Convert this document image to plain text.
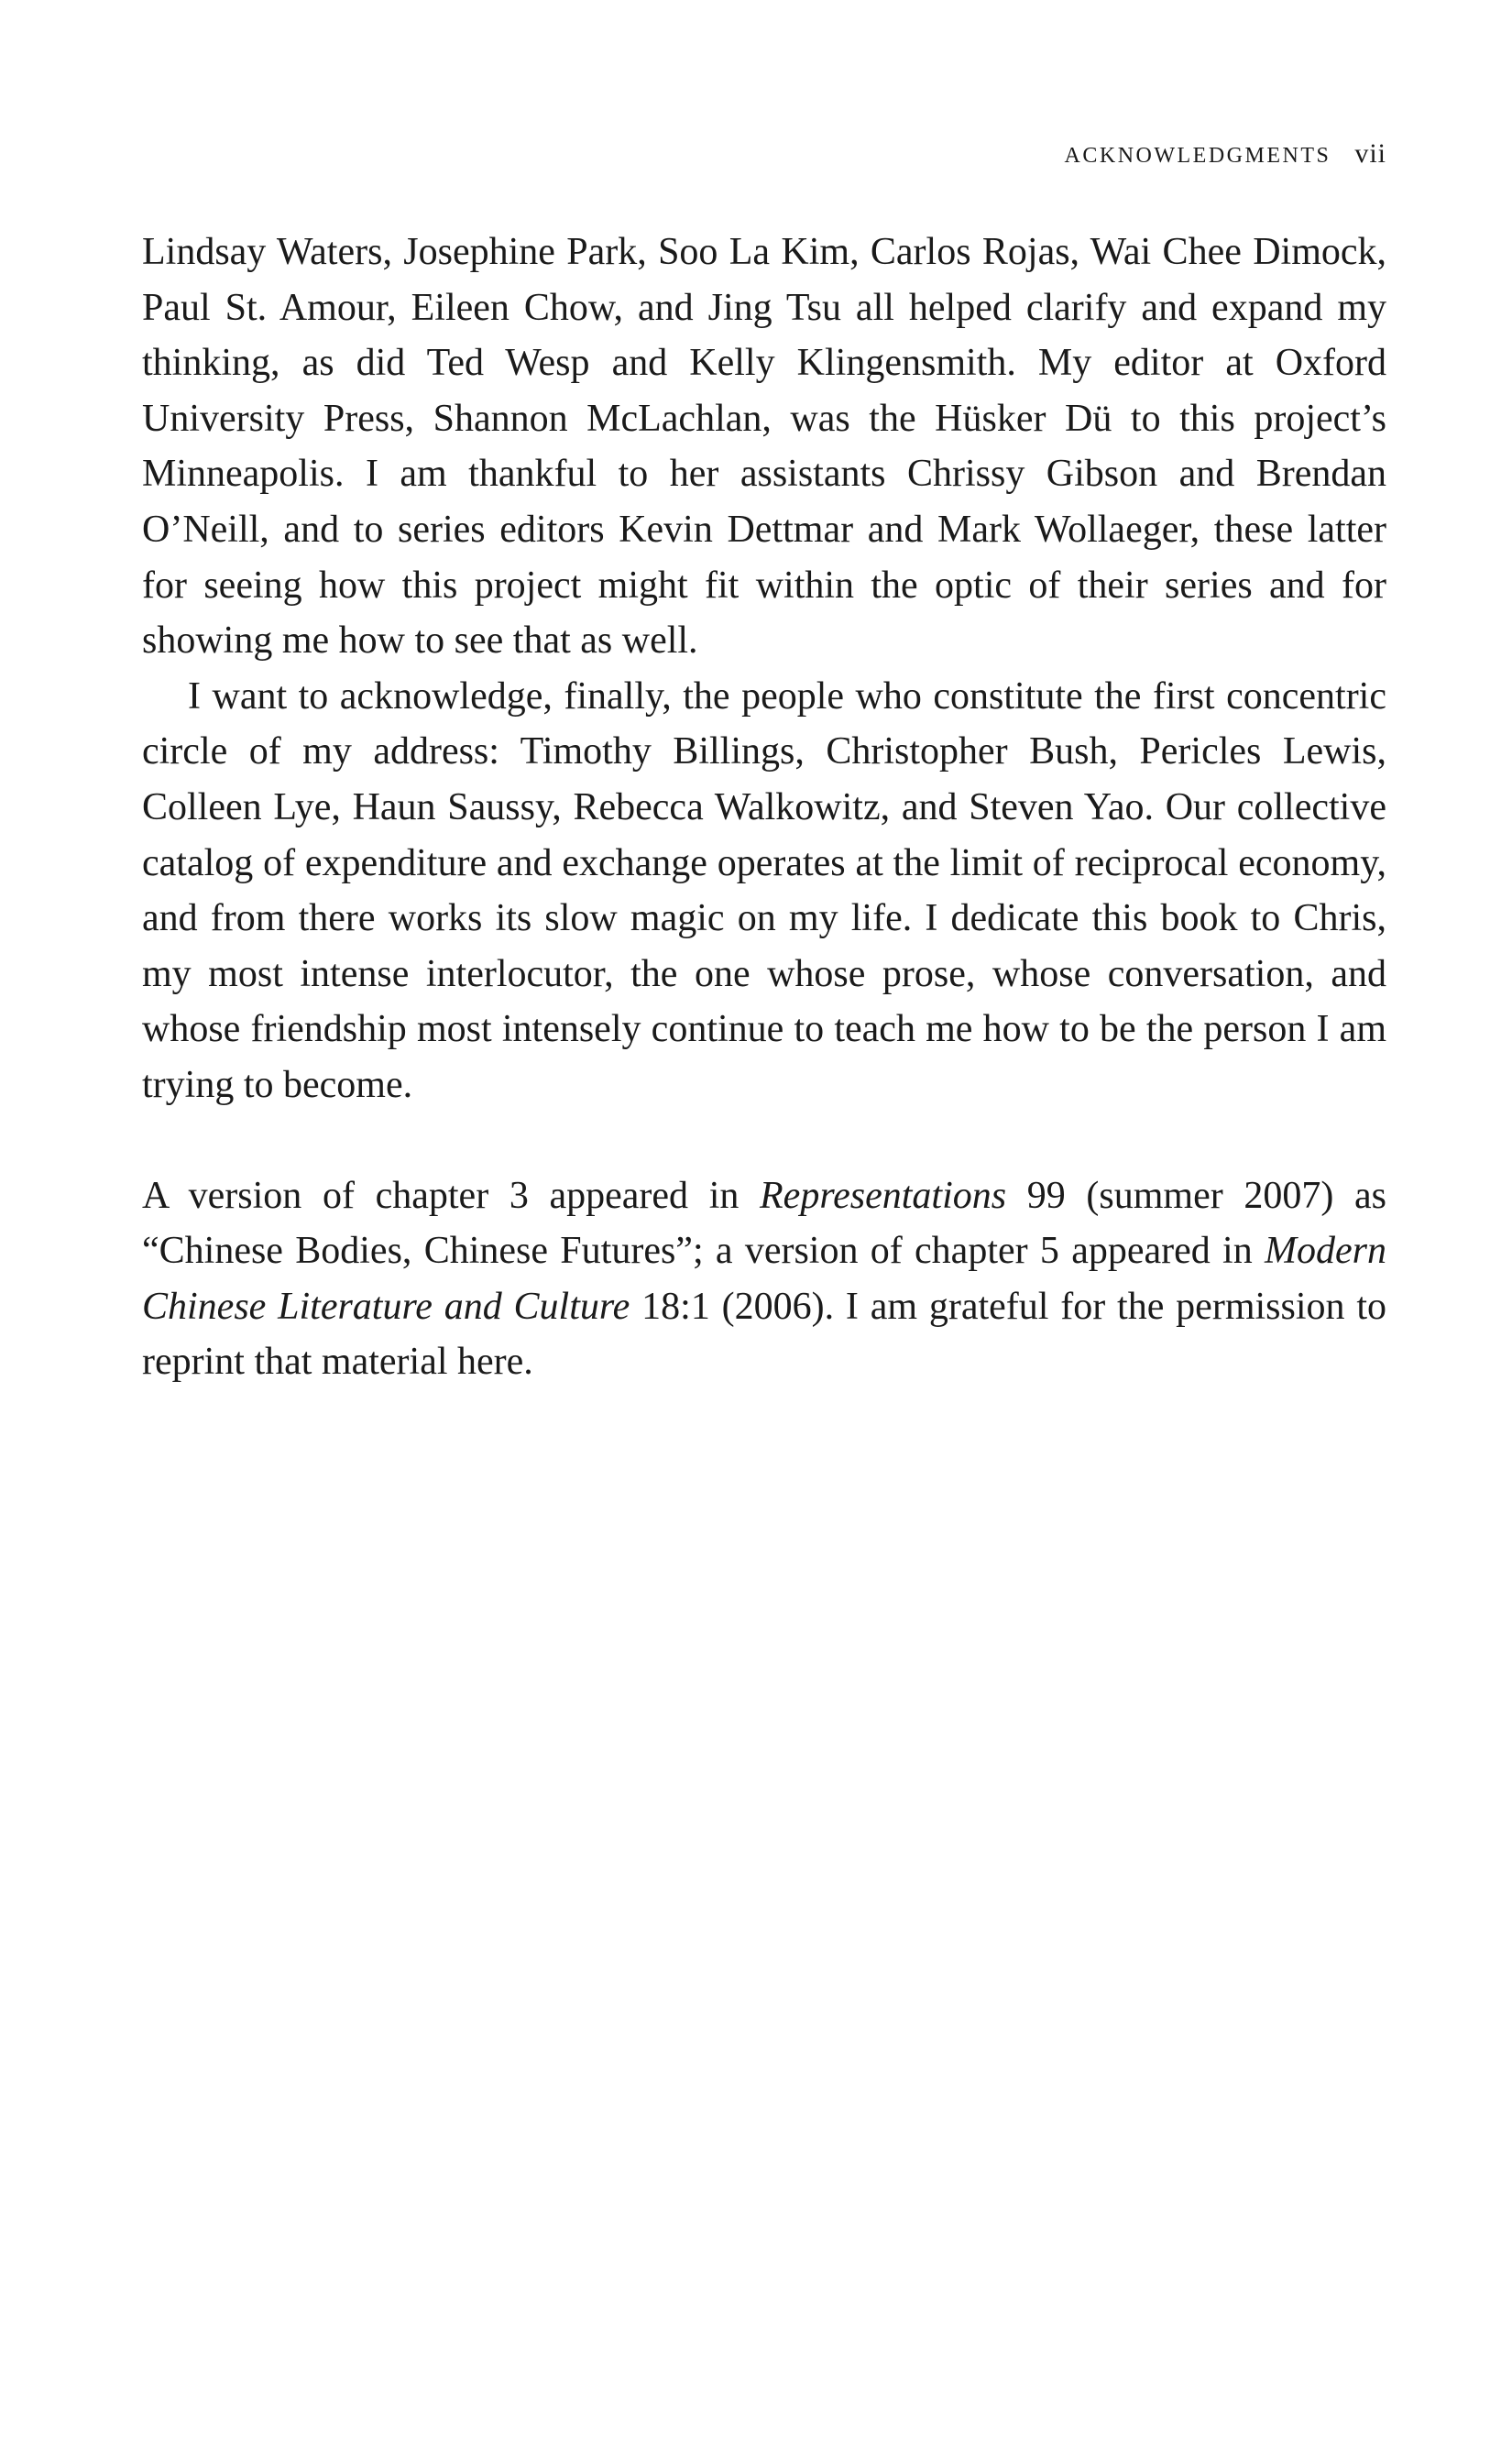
ACKNOWLEDGMENTS vii

Lindsay Waters, Josephine Park, Soo La Kim, Carlos Rojas, Wai Chee Dimock, Paul St. Amour, Eileen Chow, and Jing Tsu all helped clarify and expand my thinking, as did Ted Wesp and Kelly Klingensmith. My editor at Oxford University Press, Shannon McLachlan, was the Hüsker Dü to this project’s Minneapolis. I am thankful to her assistants Chrissy Gibson and Brendan O’Neill, and to series editors Kevin Dettmar and Mark Wollaeger, these latter for seeing how this project might fit within the optic of their series and for showing me how to see that as well.

I want to acknowledge, finally, the people who constitute the first concentric circle of my address: Timothy Billings, Christopher Bush, Pericles Lewis, Colleen Lye, Haun Saussy, Rebecca Walkowitz, and Steven Yao. Our collective catalog of expenditure and exchange operates at the limit of reciprocal economy, and from there works its slow magic on my life. I dedicate this book to Chris, my most intense interlocutor, the one whose prose, whose conversation, and whose friendship most intensely continue to teach me how to be the person I am trying to become.

A version of chapter 3 appeared in Representations 99 (summer 2007) as “Chinese Bodies, Chinese Futures”; a version of chapter 5 appeared in Modern Chinese Literature and Culture 18:1 (2006). I am grateful for the permission to reprint that material here.
